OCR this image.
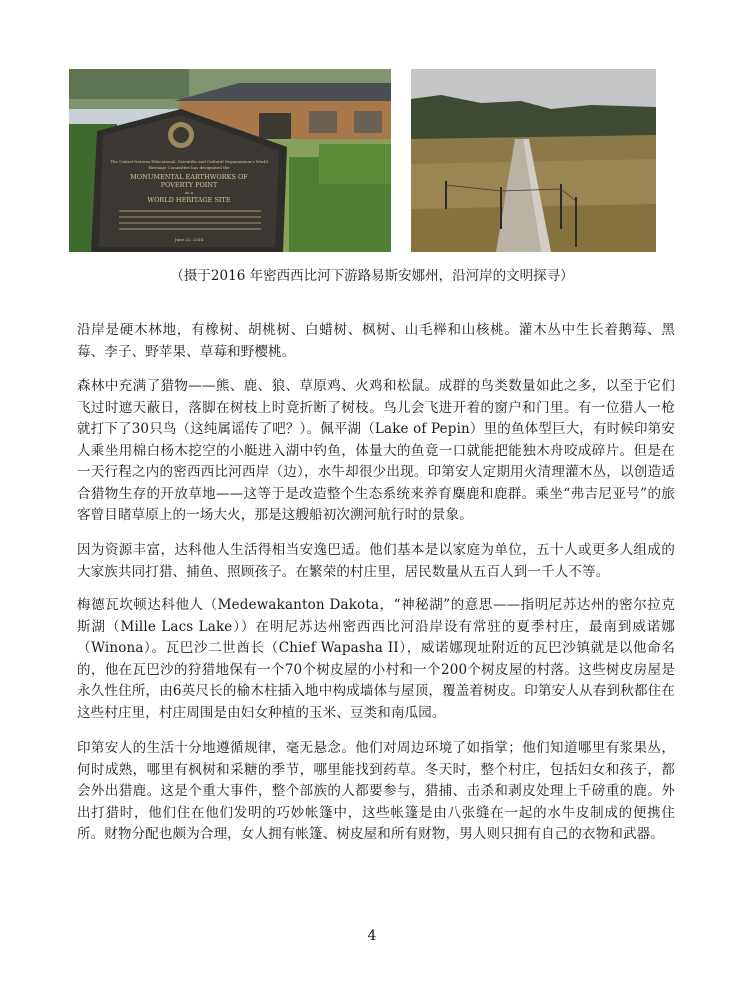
The United Nations Educational, Scientific and Cultural Organization's World
Heritage Committee has designated the
MONUMENTAL EARTHWORKS OF
POVERTY POINT
as a
WORLD HERITAGE SITE
June 22, 2014
（摄于2016 年密西西比河下游路易斯安娜州，沿河岸的文明探寻）

沿岸是硬木林地，有橡树、胡桃树、白蜡树、枫树、山毛榉和山核桃。灌木丛中生长着鹅莓、黑莓、李子、野苹果、草莓和野樱桃。

森林中充满了猎物——熊、鹿、狼、草原鸡、火鸡和松鼠。成群的鸟类数量如此之多，以至于它们飞过时遮天蔽日，落脚在树枝上时竟折断了树枝。鸟儿会飞进开着的窗户和门里。有一位猎人一枪就打下了30只鸟（这纯属谣传了吧？）。佩平湖（Lake of Pepin）里的鱼体型巨大，有时候印第安人乘坐用棉白杨木挖空的小艇进入湖中钓鱼，体量大的鱼竟一口就能把能独木舟咬成碎片。但是在一天行程之内的密西西比河西岸（边），水牛却很少出现。印第安人定期用火清理灌木丛，以创造适合猎物生存的开放草地——这等于是改造整个生态系统来养育麋鹿和鹿群。乘坐“弗吉尼亚号”的旅客曾目睹草原上的一场大火，那是这艘船初次溯河航行时的景象。

因为资源丰富，达科他人生活得相当安逸巴适。他们基本是以家庭为单位，五十人或更多人组成的大家族共同打猎、捕鱼、照顾孩子。在繁荣的村庄里，居民数量从五百人到一千人不等。

梅德瓦坎顿达科他人（Medewakanton Dakota，“神秘湖”的意思——指明尼苏达州的密尔拉克斯湖（Mille Lacs Lake））在明尼苏达州密西西比河沿岸设有常驻的夏季村庄，最南到威诺娜（Winona）。瓦巴沙二世酋长（Chief Wapasha II），威诺娜现址附近的瓦巴沙镇就是以他命名的，他在瓦巴沙的狩猎地保有一个70个树皮屋的小村和一个200个树皮屋的村落。这些树皮房屋是永久性住所，由6英尺长的榆木柱插入地中构成墙体与屋顶，覆盖着树皮。印第安人从春到秋都住在这些村庄里，村庄周围是由妇女种植的玉米、豆类和南瓜园。

印第安人的生活十分地遵循规律，毫无悬念。他们对周边环境了如指掌；他们知道哪里有浆果丛，何时成熟，哪里有枫树和采糖的季节，哪里能找到药草。冬天时，整个村庄，包括妇女和孩子，都会外出猎鹿。这是个重大事件，整个部族的人都要参与，猎捕、击杀和剥皮处理上千磅重的鹿。外出打猎时，他们住在他们发明的巧妙帐篷中，这些帐篷是由八张缝在一起的水牛皮制成的便携住所。财物分配也颇为合理，女人拥有帐篷、树皮屋和所有财物，男人则只拥有自己的衣物和武器。

4
